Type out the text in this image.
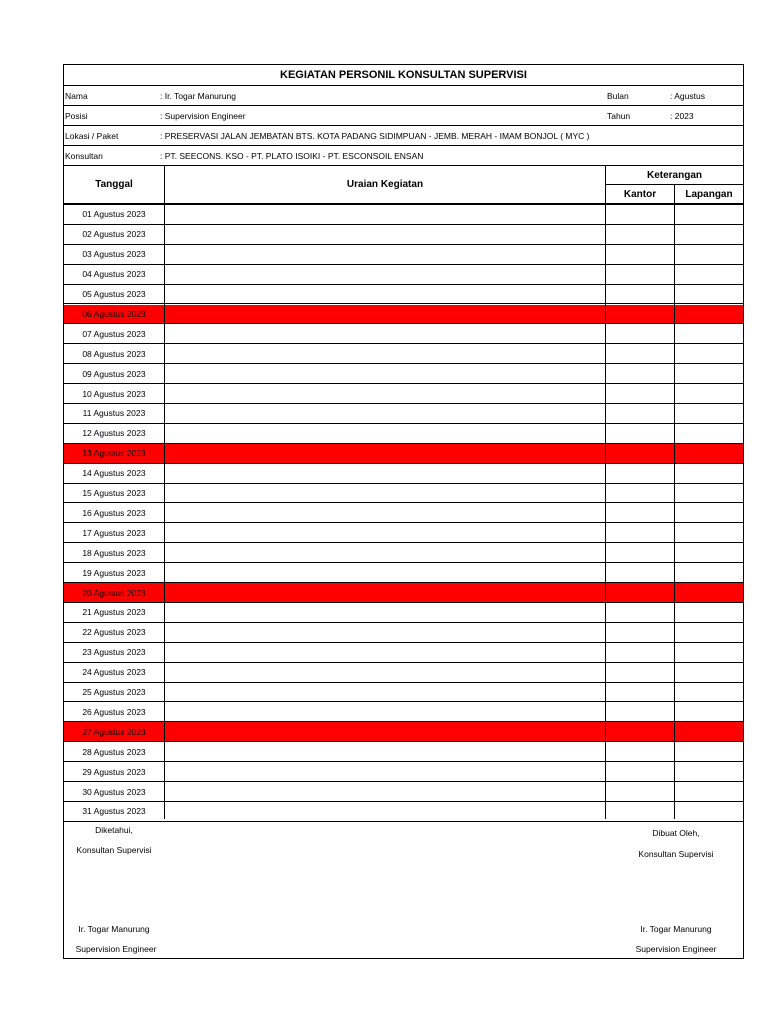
KEGIATAN PERSONIL KONSULTAN SUPERVISI
Nama	: Ir. Togar Manurung	Bulan	: Agustus
Posisi	: Supervision Engineer	Tahun	: 2023
Lokasi / Paket	: PRESERVASI JALAN JEMBATAN BTS. KOTA PADANG SIDIMPUAN - JEMB. MERAH - IMAM BONJOL ( MYC )
Konsultan	: PT. SEECONS. KSO - PT. PLATO ISOIKI - PT. ESCONSOIL ENSAN
Tanggal	Uraian Kegiatan
Keterangan
Kantor	Lapangan
01 Agustus 2023
02 Agustus 2023
03 Agustus 2023
04 Agustus 2023
05 Agustus 2023
06 Agustus 2023
07 Agustus 2023
08 Agustus 2023
09 Agustus 2023
10 Agustus 2023
11 Agustus 2023
12 Agustus 2023
13 Agustus 2023
14 Agustus 2023
15 Agustus 2023
16 Agustus 2023
17 Agustus 2023
18 Agustus 2023
19 Agustus 2023
20 Agustus 2023
21 Agustus 2023
22 Agustus 2023
23 Agustus 2023
24 Agustus 2023
25 Agustus 2023
26 Agustus 2023
27 Agustus 2023
28 Agustus 2023
29 Agustus 2023
30 Agustus 2023
31 Agustus 2023
Diketahui,
Konsultan Supervisi
Ir. Togar Manurung
Supervision Engineer
Dibuat Oleh,
Konsultan Supervisi
Ir. Togar Manurung
Supervision Engineer
